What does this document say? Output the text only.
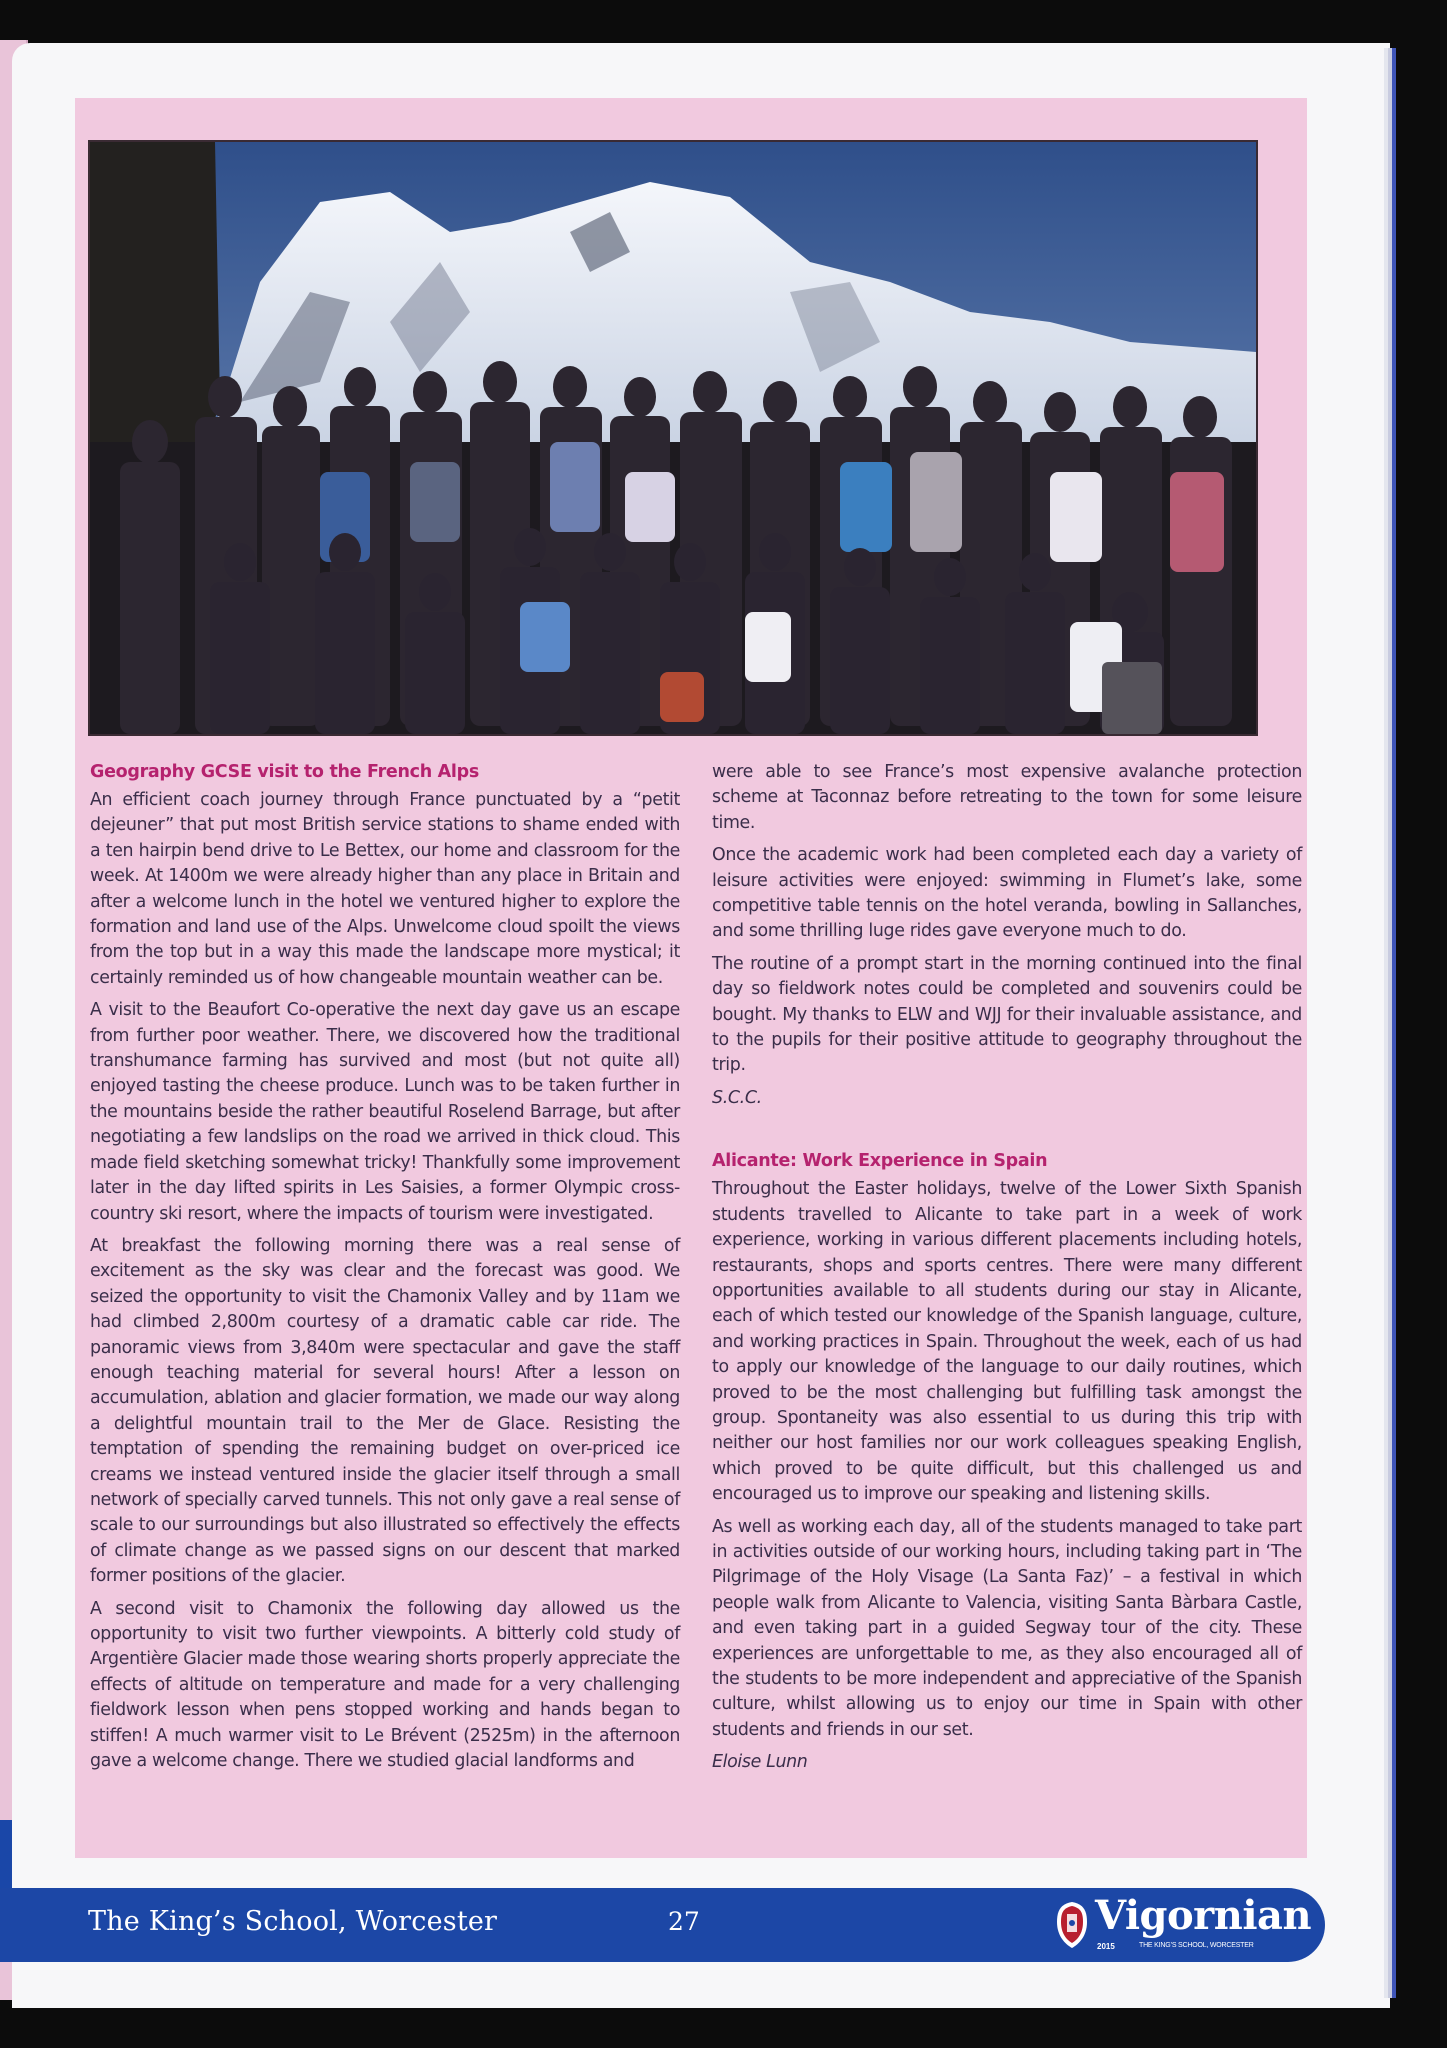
Geography GCSE visit to the French Alps

An efficient coach journey through France punctuated by a “petit dejeuner” that put most British service stations to shame ended with a ten hairpin bend drive to Le Bettex, our home and classroom for the week. At 1400m we were already higher than any place in Britain and after a welcome lunch in the hotel we ventured higher to explore the formation and land use of the Alps. Unwelcome cloud spoilt the views from the top but in a way this made the landscape more mystical; it certainly reminded us of how changeable mountain weather can be.

A visit to the Beaufort Co-operative the next day gave us an escape from further poor weather. There, we discovered how the traditional transhumance farming has survived and most (but not quite all) enjoyed tasting the cheese produce. Lunch was to be taken further in the mountains beside the rather beautiful Roselend Barrage, but after negotiating a few landslips on the road we arrived in thick cloud. This made field sketching somewhat tricky! Thankfully some improvement later in the day lifted spirits in Les Saisies, a former Olympic cross-country ski resort, where the impacts of tourism were investigated.

At breakfast the following morning there was a real sense of excitement as the sky was clear and the forecast was good. We seized the opportunity to visit the Chamonix Valley and by 11am we had climbed 2,800m courtesy of a dramatic cable car ride. The panoramic views from 3,840m were spectacular and gave the staff enough teaching material for several hours! After a lesson on accumulation, ablation and glacier formation, we made our way along a delightful mountain trail to the Mer de Glace. Resisting the temptation of spending the remaining budget on over-priced ice creams we instead ventured inside the glacier itself through a small network of specially carved tunnels. This not only gave a real sense of scale to our surroundings but also illustrated so effectively the effects of climate change as we passed signs on our descent that marked former positions of the glacier.

A second visit to Chamonix the following day allowed us the opportunity to visit two further viewpoints. A bitterly cold study of Argentière Glacier made those wearing shorts properly appreciate the effects of altitude on temperature and made for a very challenging fieldwork lesson when pens stopped working and hands began to stiffen! A much warmer visit to Le Brévent (2525m) in the afternoon gave a welcome change. There we studied glacial landforms and

were able to see France’s most expensive avalanche protection scheme at Taconnaz before retreating to the town for some leisure time.

Once the academic work had been completed each day a variety of leisure activities were enjoyed: swimming in Flumet’s lake, some competitive table tennis on the hotel veranda, bowling in Sallanches, and some thrilling luge rides gave everyone much to do.

The routine of a prompt start in the morning continued into the final day so fieldwork notes could be completed and souvenirs could be bought. My thanks to ELW and WJJ for their invaluable assistance, and to the pupils for their positive attitude to geography throughout the trip.

S.C.C.

Alicante: Work Experience in Spain

Throughout the Easter holidays, twelve of the Lower Sixth Spanish students travelled to Alicante to take part in a week of work experience, working in various different placements including hotels, restaurants, shops and sports centres. There were many different opportunities available to all students during our stay in Alicante, each of which tested our knowledge of the Spanish language, culture, and working practices in Spain. Throughout the week, each of us had to apply our knowledge of the language to our daily routines, which proved to be the most challenging but fulfilling task amongst the group. Spontaneity was also essential to us during this trip with neither our host families nor our work colleagues speaking English, which proved to be quite difficult, but this challenged us and encouraged us to improve our speaking and listening skills.

As well as working each day, all of the students managed to take part in activities outside of our working hours, including taking part in ‘The Pilgrimage of the Holy Visage (La Santa Faz)’ – a festival in which people walk from Alicante to Valencia, visiting Santa Bàrbara Castle, and even taking part in a guided Segway tour of the city. These experiences are unforgettable to me, as they also encouraged all of the students to be more independent and appreciative of the Spanish culture, whilst allowing us to enjoy our time in Spain with other students and friends in our set.

Eloise Lunn

The King’s School, Worcester	27	Vigornian
2015	THE KING’S SCHOOL, WORCESTER
